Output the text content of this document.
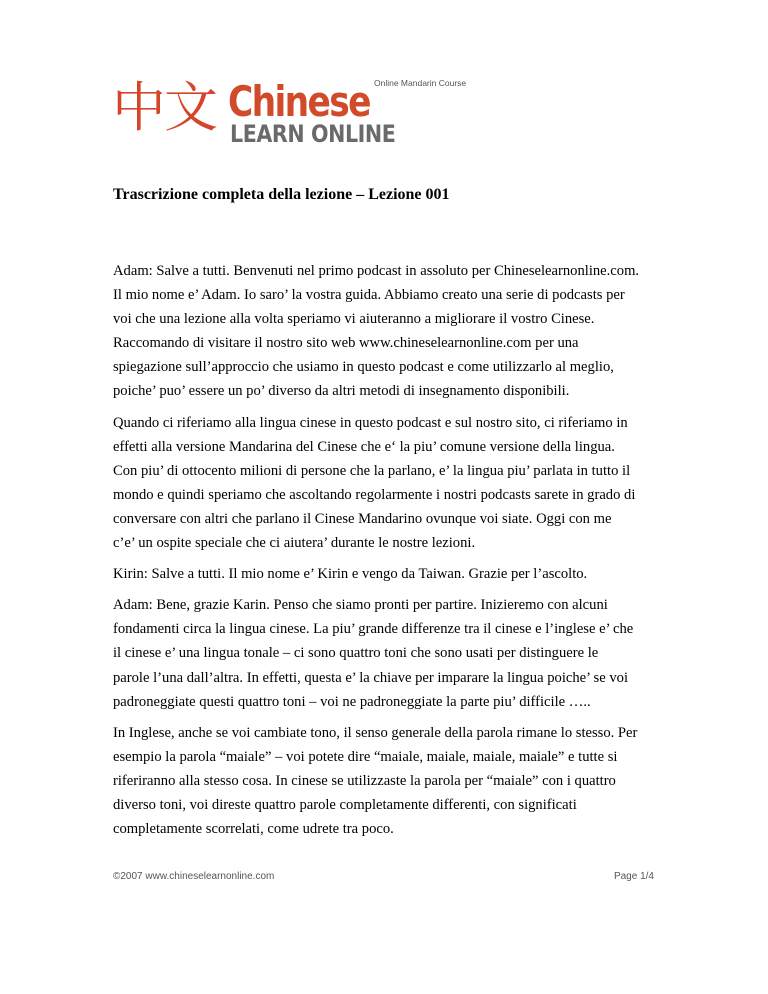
中文 Chinese
LEARN ONLINE
Online Mandarin Course
Trascrizione completa della lezione – Lezione 001

Adam: Salve a tutti. Benvenuti nel primo podcast in assoluto per Chineselearnonline.com.
Il mio nome e’ Adam. Io saro’ la vostra guida. Abbiamo creato una serie di podcasts per
voi che una lezione alla volta speriamo vi aiuteranno a migliorare il vostro Cinese.
Raccomando di visitare il nostro sito web www.chineselearnonline.com per una
spiegazione sull’approccio che usiamo in questo podcast e come utilizzarlo al meglio,
poiche’ puo’ essere un po’ diverso da altri metodi di insegnamento disponibili.

Quando ci riferiamo alla lingua cinese in questo podcast e sul nostro sito, ci riferiamo in
effetti alla versione Mandarina del Cinese che e‘ la piu’ comune versione della lingua.
Con piu’ di ottocento milioni di persone che la parlano, e’ la lingua piu’ parlata in tutto il
mondo e quindi speriamo che ascoltando regolarmente i nostri podcasts sarete in grado di
conversare con altri che parlano il Cinese Mandarino ovunque voi siate. Oggi con me
c’e’ un ospite speciale che ci aiutera’ durante le nostre lezioni.

Kirin: Salve a tutti. Il mio nome e’ Kirin e vengo da Taiwan. Grazie per l’ascolto.

Adam: Bene, grazie Karin. Penso che siamo pronti per partire. Inizieremo con alcuni
fondamenti circa la lingua cinese. La piu’ grande differenze tra il cinese e l’inglese e’ che
il cinese e’ una lingua tonale – ci sono quattro toni che sono usati per distinguere le
parole l’una dall’altra. In effetti, questa e’ la chiave per imparare la lingua poiche’ se voi
padroneggiate questi quattro toni – voi ne padroneggiate la parte piu’ difficile …..

In Inglese, anche se voi cambiate tono, il senso generale della parola rimane lo stesso. Per
esempio la parola “maiale” – voi potete dire “maiale, maiale, maiale, maiale” e tutte si
riferiranno alla stesso cosa. In cinese se utilizzaste la parola per “maiale” con i quattro
diverso toni, voi direste quattro parole completamente differenti, con significati
completamente scorrelati, come udrete tra poco.

©2007 www.chineselearnonline.com	Page 1/4
